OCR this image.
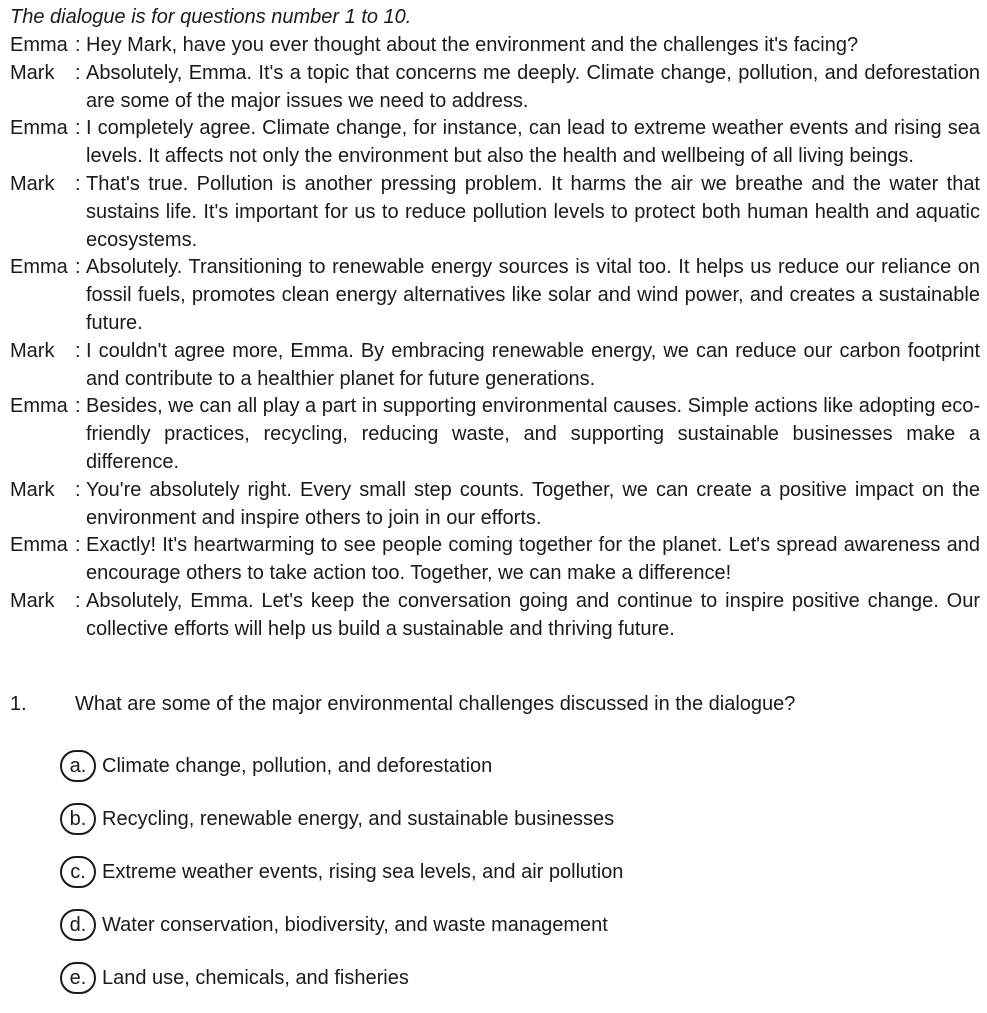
The dialogue is for questions number 1 to 10.
Emma : Hey Mark, have you ever thought about the environment and the challenges it's facing?
Mark	: Absolutely, Emma. It's a topic that concerns me deeply. Climate change, pollution, and deforestation are some of the major issues we need to address.
Emma : I completely agree. Climate change, for instance, can lead to extreme weather events and rising sea levels. It affects not only the environment but also the health and wellbeing of all living beings.
Mark	: That's true. Pollution is another pressing problem. It harms the air we breathe and the water that sustains life. It's important for us to reduce pollution levels to protect both human health and aquatic ecosystems.
Emma : Absolutely. Transitioning to renewable energy sources is vital too. It helps us reduce our reliance on fossil fuels, promotes clean energy alternatives like solar and wind power, and creates a sustainable future.
Mark	: I couldn't agree more, Emma. By embracing renewable energy, we can reduce our carbon footprint and contribute to a healthier planet for future generations.
Emma : Besides, we can all play a part in supporting environmental causes. Simple actions like adopting eco-friendly practices, recycling, reducing waste, and supporting sustainable businesses make a difference.
Mark	: You're absolutely right. Every small step counts. Together, we can create a positive impact on the environment and inspire others to join in our efforts.
Emma : Exactly! It's heartwarming to see people coming together for the planet. Let's spread awareness and encourage others to take action too. Together, we can make a difference!
Mark	: Absolutely, Emma. Let's keep the conversation going and continue to inspire positive change. Our collective efforts will help us build a sustainable and thriving future.
1.	What are some of the major environmental challenges discussed in the dialogue?
a. Climate change, pollution, and deforestation
b. Recycling, renewable energy, and sustainable businesses
c. Extreme weather events, rising sea levels, and air pollution
d. Water conservation, biodiversity, and waste management
e. Land use, chemicals, and fisheries
